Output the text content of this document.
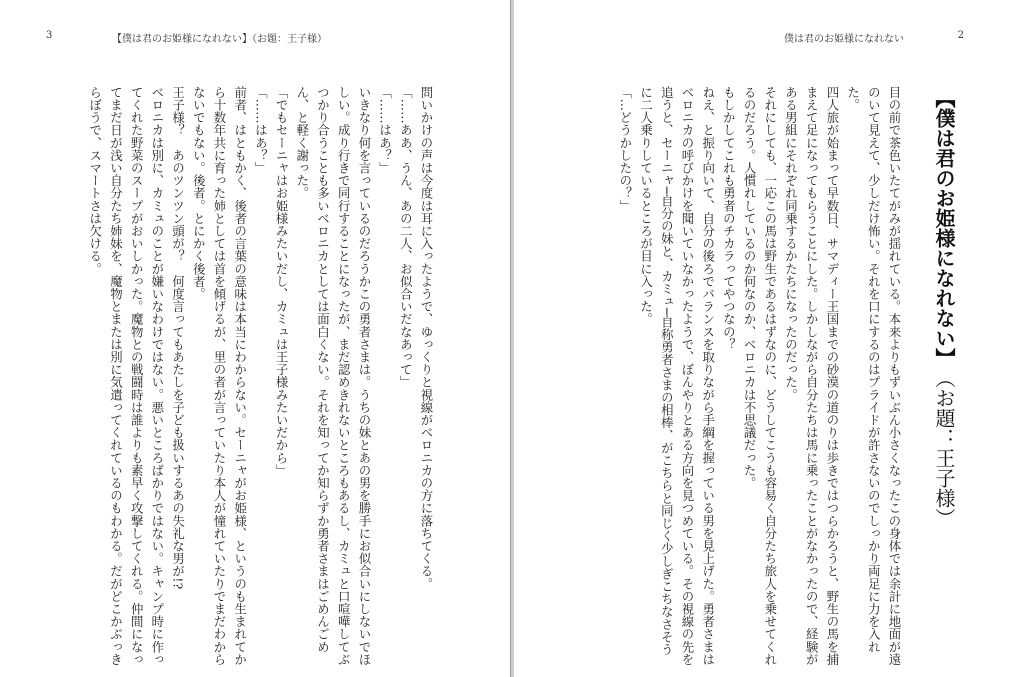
3	【僕は君のお姫様になれない】（お題：王子様）

問いかけの声は今度は耳に入ったようで、ゆっくりと視線がベロニカの方に落ちてくる。

「……ああ、うん、あの二人、お似合いだなあって」

「……はあ？」

いきなり何を言っているのだろうかこの勇者さまは。うちの妹とあの男を勝手にお似合いにしないでほしい。成り行きで同行することになったが、まだ認めきれないところもあるし、カミュと口喧嘩してぶつかり合うことも多いベロニカとしては面白くない。それを知ってか知らずか勇者さまはごめんごめん、と軽く謝った。

「でもセーニャはお姫様みたいだし、カミュは王子様みたいだから」

「……はあ？」

前者、はともかく、後者の言葉の意味は本当にわからない。セーニャがお姫様、というのも生まれてから十数年共に育った姉としては首を傾げるが、里の者が言っていたり本人が憧れていたりでまだわからないでもない。後者。とにかく後者。

王子様？　あのツンツン頭が？　何度言ってもあたしを子ども扱いするあの失礼な男が!?

ベロニカは別に、カミュのことが嫌いなわけではない。悪いところばかりではない。キャンプ時に作ってくれた野菜のスープがおいしかった。魔物との戦闘時は誰よりも素早く攻撃してくれる。仲間になってまだ日が浅い自分たち姉妹を、魔物とまたは別に気遣ってくれているのもわかる。だがどこかぶっきらぼうで、スマートさは欠ける。

僕は君のお姫様になれない	2
【僕は君のお姫様になれない】（お題：王子様）

目の前で茶色いたてがみが揺れている。本来よりもずいぶん小さくなったこの身体では余計に地面が遠のいて見えて、少しだけ怖い。それを口にするのはプライドが許さないのでしっかり両足に力を入れた。

四人旅が始まって早数日、サマディー王国までの砂漠の道のりは歩きではつらかろうと、野生の馬を捕まえて足になってもらうことにした。しかしながら自分たちは馬に乗ったことがなかったので、経験がある男組にそれぞれ同乗するかたちになったのだった。

それにしても、一応この馬は野生であるはずなのに、どうしてこうも容易く自分たち旅人を乗せてくれるのだろう。人慣れしているのか何なのか、ベロニカは不思議だった。

もしかしてこれも勇者のチカラってやつなの？

ねえ、と振り向いて、自分の後ろでバランスを取りながら手綱を握っている男を見上げた。勇者さまはベロニカの呼びかけを聞いていなかったようで、ぼんやりとある方向を見つめている。その視線の先を追うと、セーニャ─自分の妹と、カミュ─自称勇者さまの相棒、がこちらと同じく少しぎこちなさそうに二人乗りしているところが目に入った。

「…どうかしたの？」
